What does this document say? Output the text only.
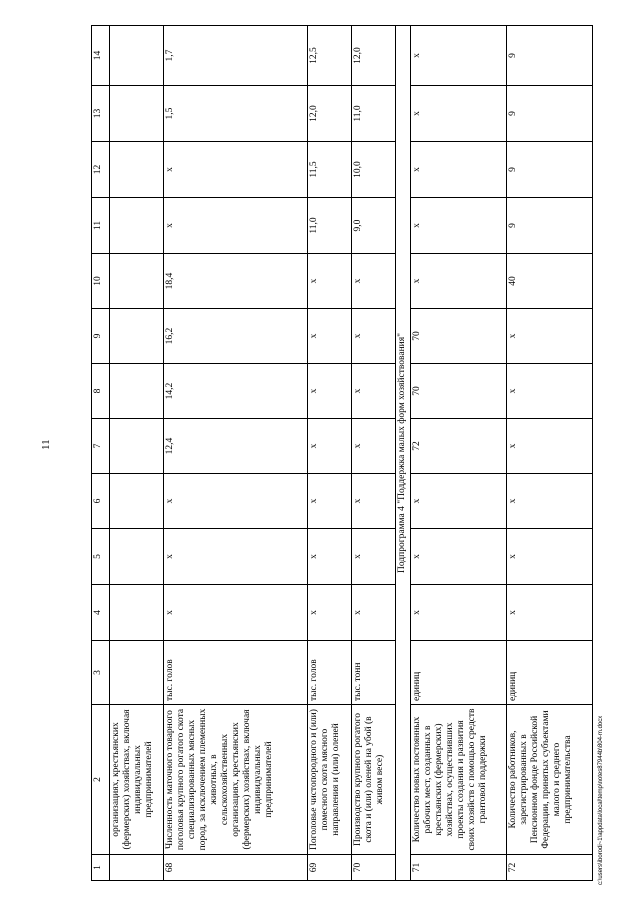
11
1	2	3	4	5	6	7	8	9	10	11	12	13	14
	организациях, крестьянских (фермерских) хозяйствах, включая индивидуальных предпринимателей												
68	Численность маточного товарного поголовья крупного рогатого скота специализированных мясных пород, за исключением племенных животных, в сельскохозяйственных организациях, крестьянских (фермерских) хозяйствах, включая индивидуальных предпринимателей	тыс. голов	x	x	x	12,4	14,2	16,2	18,4	x	x	1,5	1,7
69	Поголовье чистопородного и (или) помесного скота мясного направления и (или) оленей	тыс. голов	x	x	x	x	x	x	x	11,0	11,5	12,0	12,5
70	Производство крупного рогатого скота и (или) оленей на убой (в живом весе)	тыс. тонн	x	x	x	x	x	x	x	9,0	10,0	11,0	12,0
Подпрограмма 4 "Поддержка малых форм хозяйствования"													
71	Количество новых постоянных рабочих мест, созданных в крестьянских (фермерских) хозяйствах, осуществивших проекты создания и развития своих хозяйств с помощью средств грантовой поддержки	единиц	x	x	x	72	70	70	x	x	x	x	x
72	Количество работников, зарегистрированных в Пенсионном фонде Российской Федерации, принятых субъектами малого и среднего предпринимательства	единиц	x	x	x	x	x	x	40	9	9	9	9
c:\users\iborodi~1\appdata\local\temp\notes87944b\804-m.docx
